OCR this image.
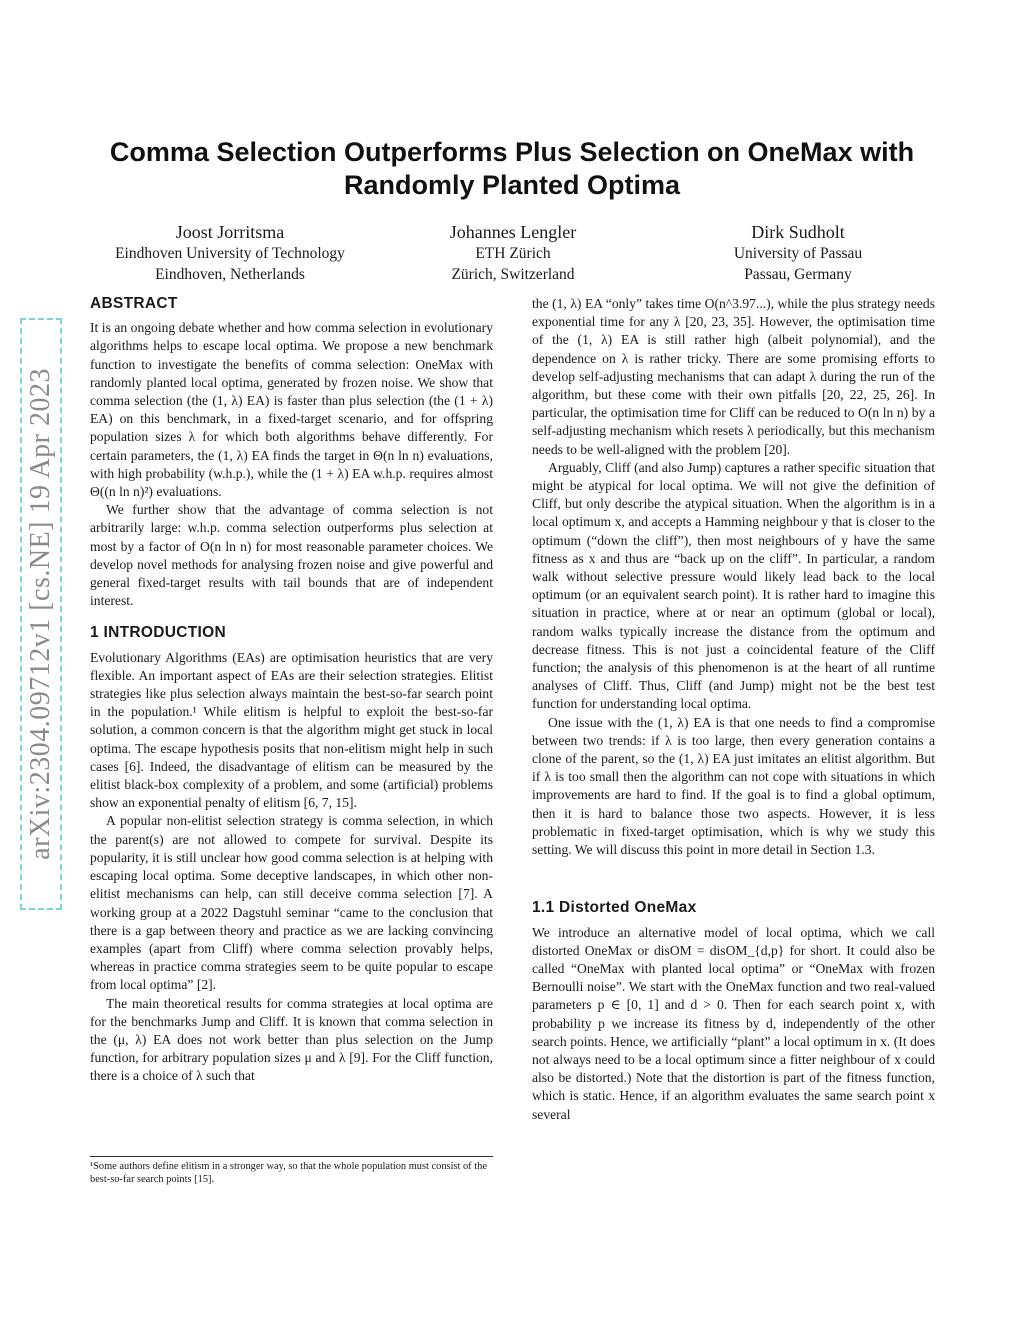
arXiv:2304.09712v1 [cs.NE] 19 Apr 2023
Comma Selection Outperforms Plus Selection on OneMax with Randomly Planted Optima
Joost Jorritsma
Eindhoven University of Technology
Eindhoven, Netherlands
Johannes Lengler
ETH Zürich
Zürich, Switzerland
Dirk Sudholt
University of Passau
Passau, Germany
ABSTRACT

It is an ongoing debate whether and how comma selection in evolutionary algorithms helps to escape local optima. We propose a new benchmark function to investigate the benefits of comma selection: OneMax with randomly planted local optima, generated by frozen noise. We show that comma selection (the (1, λ) EA) is faster than plus selection (the (1 + λ) EA) on this benchmark, in a fixed-target scenario, and for offspring population sizes λ for which both algorithms behave differently. For certain parameters, the (1, λ) EA finds the target in Θ(n ln n) evaluations, with high probability (w.h.p.), while the (1 + λ) EA w.h.p. requires almost Θ((n ln n)²) evaluations.

We further show that the advantage of comma selection is not arbitrarily large: w.h.p. comma selection outperforms plus selection at most by a factor of O(n ln n) for most reasonable parameter choices. We develop novel methods for analysing frozen noise and give powerful and general fixed-target results with tail bounds that are of independent interest.

1 INTRODUCTION

Evolutionary Algorithms (EAs) are optimisation heuristics that are very flexible. An important aspect of EAs are their selection strategies. Elitist strategies like plus selection always maintain the best-so-far search point in the population.¹ While elitism is helpful to exploit the best-so-far solution, a common concern is that the algorithm might get stuck in local optima. The escape hypothesis posits that non-elitism might help in such cases [6]. Indeed, the disadvantage of elitism can be measured by the elitist black-box complexity of a problem, and some (artificial) problems show an exponential penalty of elitism [6, 7, 15].

A popular non-elitist selection strategy is comma selection, in which the parent(s) are not allowed to compete for survival. Despite its popularity, it is still unclear how good comma selection is at helping with escaping local optima. Some deceptive landscapes, in which other non-elitist mechanisms can help, can still deceive comma selection [7]. A working group at a 2022 Dagstuhl seminar “came to the conclusion that there is a gap between theory and practice as we are lacking convincing examples (apart from Cliff) where comma selection provably helps, whereas in practice comma strategies seem to be quite popular to escape from local optima” [2].

The main theoretical results for comma strategies at local optima are for the benchmarks Jump and Cliff. It is known that comma selection in the (μ, λ) EA does not work better than plus selection on the Jump function, for arbitrary population sizes μ and λ [9]. For the Cliff function, there is a choice of λ such that

the (1, λ) EA “only” takes time O(n^3.97...), while the plus strategy needs exponential time for any λ [20, 23, 35]. However, the optimisation time of the (1, λ) EA is still rather high (albeit polynomial), and the dependence on λ is rather tricky. There are some promising efforts to develop self-adjusting mechanisms that can adapt λ during the run of the algorithm, but these come with their own pitfalls [20, 22, 25, 26]. In particular, the optimisation time for Cliff can be reduced to O(n ln n) by a self-adjusting mechanism which resets λ periodically, but this mechanism needs to be well-aligned with the problem [20].

Arguably, Cliff (and also Jump) captures a rather specific situation that might be atypical for local optima. We will not give the definition of Cliff, but only describe the atypical situation. When the algorithm is in a local optimum x, and accepts a Hamming neighbour y that is closer to the optimum (“down the cliff”), then most neighbours of y have the same fitness as x and thus are “back up on the cliff”. In particular, a random walk without selective pressure would likely lead back to the local optimum (or an equivalent search point). It is rather hard to imagine this situation in practice, where at or near an optimum (global or local), random walks typically increase the distance from the optimum and decrease fitness. This is not just a coincidental feature of the Cliff function; the analysis of this phenomenon is at the heart of all runtime analyses of Cliff. Thus, Cliff (and Jump) might not be the best test function for understanding local optima.

One issue with the (1, λ) EA is that one needs to find a compromise between two trends: if λ is too large, then every generation contains a clone of the parent, so the (1, λ) EA just imitates an elitist algorithm. But if λ is too small then the algorithm can not cope with situations in which improvements are hard to find. If the goal is to find a global optimum, then it is hard to balance those two aspects. However, it is less problematic in fixed-target optimisation, which is why we study this setting. We will discuss this point in more detail in Section 1.3.

1.1 Distorted OneMax

We introduce an alternative model of local optima, which we call distorted OneMax or disOM = disOM_{d,p} for short. It could also be called “OneMax with planted local optima” or “OneMax with frozen Bernoulli noise”. We start with the OneMax function and two real-valued parameters p ∈ [0, 1] and d > 0. Then for each search point x, with probability p we increase its fitness by d, independently of the other search points. Hence, we artificially “plant” a local optimum in x. (It does not always need to be a local optimum since a fitter neighbour of x could also be distorted.) Note that the distortion is part of the fitness function, which is static. Hence, if an algorithm evaluates the same search point x several

¹Some authors define elitism in a stronger way, so that the whole population must consist of the best-so-far search points [15].
